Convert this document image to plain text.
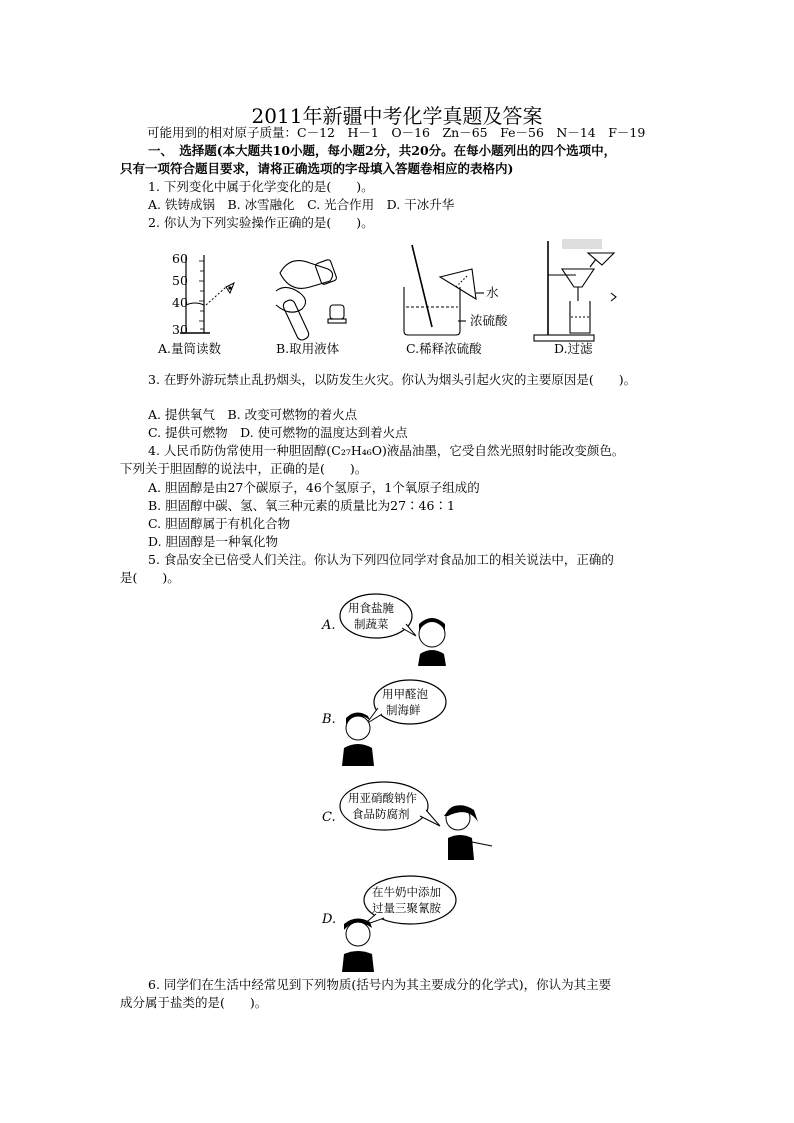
2011年新疆中考化学真题及答案
可能用到的相对原子质量：C－12　H－1　O－16　Zn－65　Fe－56　N－14　F－19
一、　选择题(本大题共10小题，每小题2分，共20分。在每小题列出的四个选项中，
只有一项符合题目要求，请将正确选项的字母填入答题卷相应的表格内)
1. 下列变化中属于化学变化的是(　　)。
A. 铁铸成锅　B. 冰雪融化　C. 光合作用　D. 干冰升华
2. 你认为下列实验操作正确的是(　　)。
60
50
40
30
水
浓硫酸
A.量筒读数	B.取用液体	C.稀释浓硫酸	D.过滤
3. 在野外游玩禁止乱扔烟头，以防发生火灾。你认为烟头引起火灾的主要原因是(　　)。
A. 提供氧气　B. 改变可燃物的着火点
C. 提供可燃物　D. 使可燃物的温度达到着火点
4. 人民币防伪常使用一种胆固醇(C₂₇H₄₆O)液晶油墨，它受自然光照射时能改变颜色。
下列关于胆固醇的说法中，正确的是(　　)。
A. 胆固醇是由27个碳原子，46个氢原子，1个氧原子组成的
B. 胆固醇中碳、氢、氧三种元素的质量比为27∶46∶1
C. 胆固醇属于有机化合物
D. 胆固醇是一种氧化物
5. 食品安全已倍受人们关注。你认为下列四位同学对食品加工的相关说法中，正确的
是(　　)。
A.
用食盐腌
制蔬菜
B.
用甲醛泡
制海鲜
C.
用亚硝酸钠作
食品防腐剂
D.
在牛奶中添加
过量三聚氰胺
6. 同学们在生活中经常见到下列物质(括号内为其主要成分的化学式)，你认为其主要
成分属于盐类的是(　　)。
